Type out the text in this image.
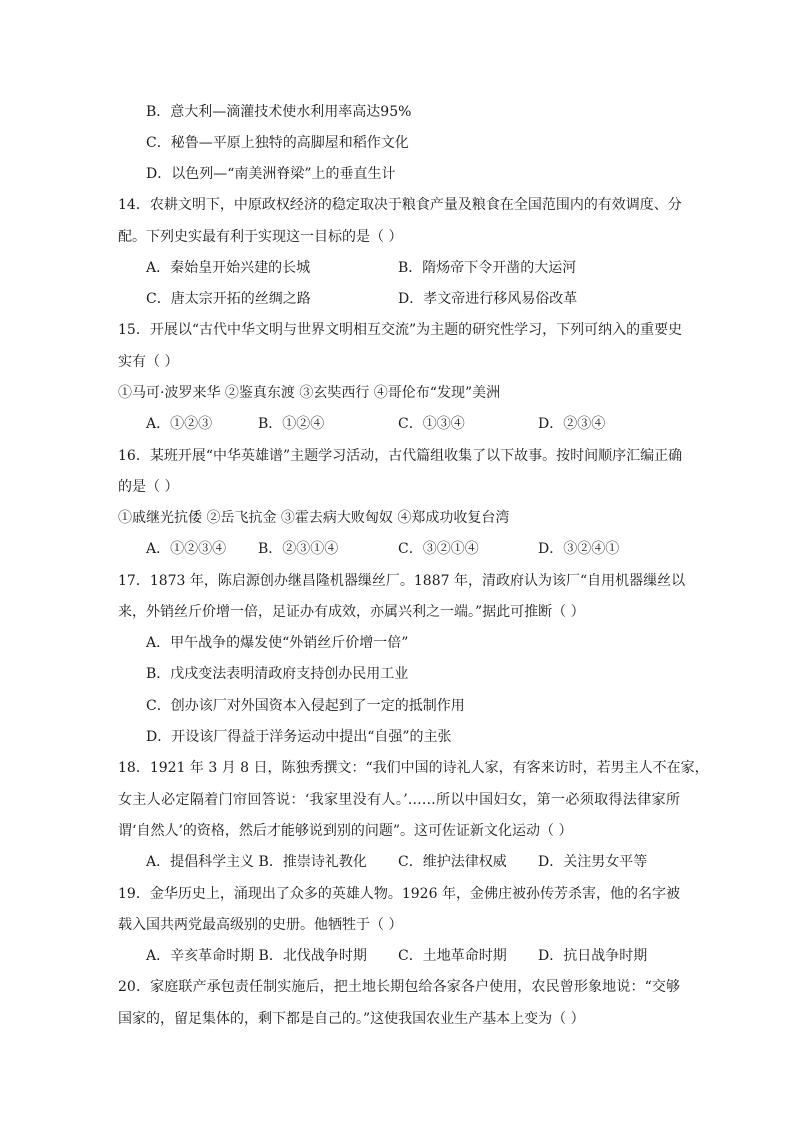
B．意大利—滴灌技术使水利用率高达95%
C．秘鲁—平原上独特的高脚屋和稻作文化
D．以色列—“南美洲脊梁”上的垂直生计
14．农耕文明下，中原政权经济的稳定取决于粮食产量及粮食在全国范围内的有效调度、分
配。下列史实最有利于实现这一目标的是（ ）
A．秦始皇开始兴建的长城	B．隋炀帝下令开凿的大运河
C．唐太宗开拓的丝绸之路	D．孝文帝进行移风易俗改革
15．开展以“古代中华文明与世界文明相互交流”为主题的研究性学习，下列可纳入的重要史
实有（ ）
①马可·波罗来华 ②鉴真东渡 ③玄奘西行 ④哥伦布“发现”美洲
A．①②③	B．①②④	C．①③④	D．②③④
16．某班开展“中华英雄谱”主题学习活动，古代篇组收集了以下故事。按时间顺序汇编正确
的是（ ）
①戚继光抗倭 ②岳飞抗金 ③霍去病大败匈奴 ④郑成功收复台湾
A．①②③④ B．②③①④	C．③②①④	D．③②④①
17．1873 年，陈启源创办继昌隆机器缫丝厂。1887 年，清政府认为该厂“自用机器缫丝以
来，外销丝斤价增一倍，足证办有成效，亦属兴利之一端。”据此可推断（ ）
A．甲午战争的爆发使“外销丝斤价增一倍”
B．戊戌变法表明清政府支持创办民用工业
C．创办该厂对外国资本入侵起到了一定的抵制作用
D．开设该厂得益于洋务运动中提出“自强”的主张
18．1921 年 3 月 8 日，陈独秀撰文：“我们中国的诗礼人家，有客来访时，若男主人不在家，
女主人必定隔着门帘回答说：‘我家里没有人。’……所以中国妇女，第一必须取得法律家所
谓‘自然人’的资格，然后才能够说到别的问题”。这可佐证新文化运动（ ）
A．提倡科学主义 B．推崇诗礼教化 C．维护法律权威 D．关注男女平等
19．金华历史上，涌现出了众多的英雄人物。1926 年，金佛庄被孙传芳杀害，他的名字被
载入国共两党最高级别的史册。他牺牲于（ ）
A．辛亥革命时期 B．北伐战争时期 C．土地革命时期 D．抗日战争时期
20．家庭联产承包责任制实施后，把土地长期包给各家各户使用，农民曾形象地说：“交够
国家的，留足集体的，剩下都是自己的。”这使我国农业生产基本上变为（ ）
